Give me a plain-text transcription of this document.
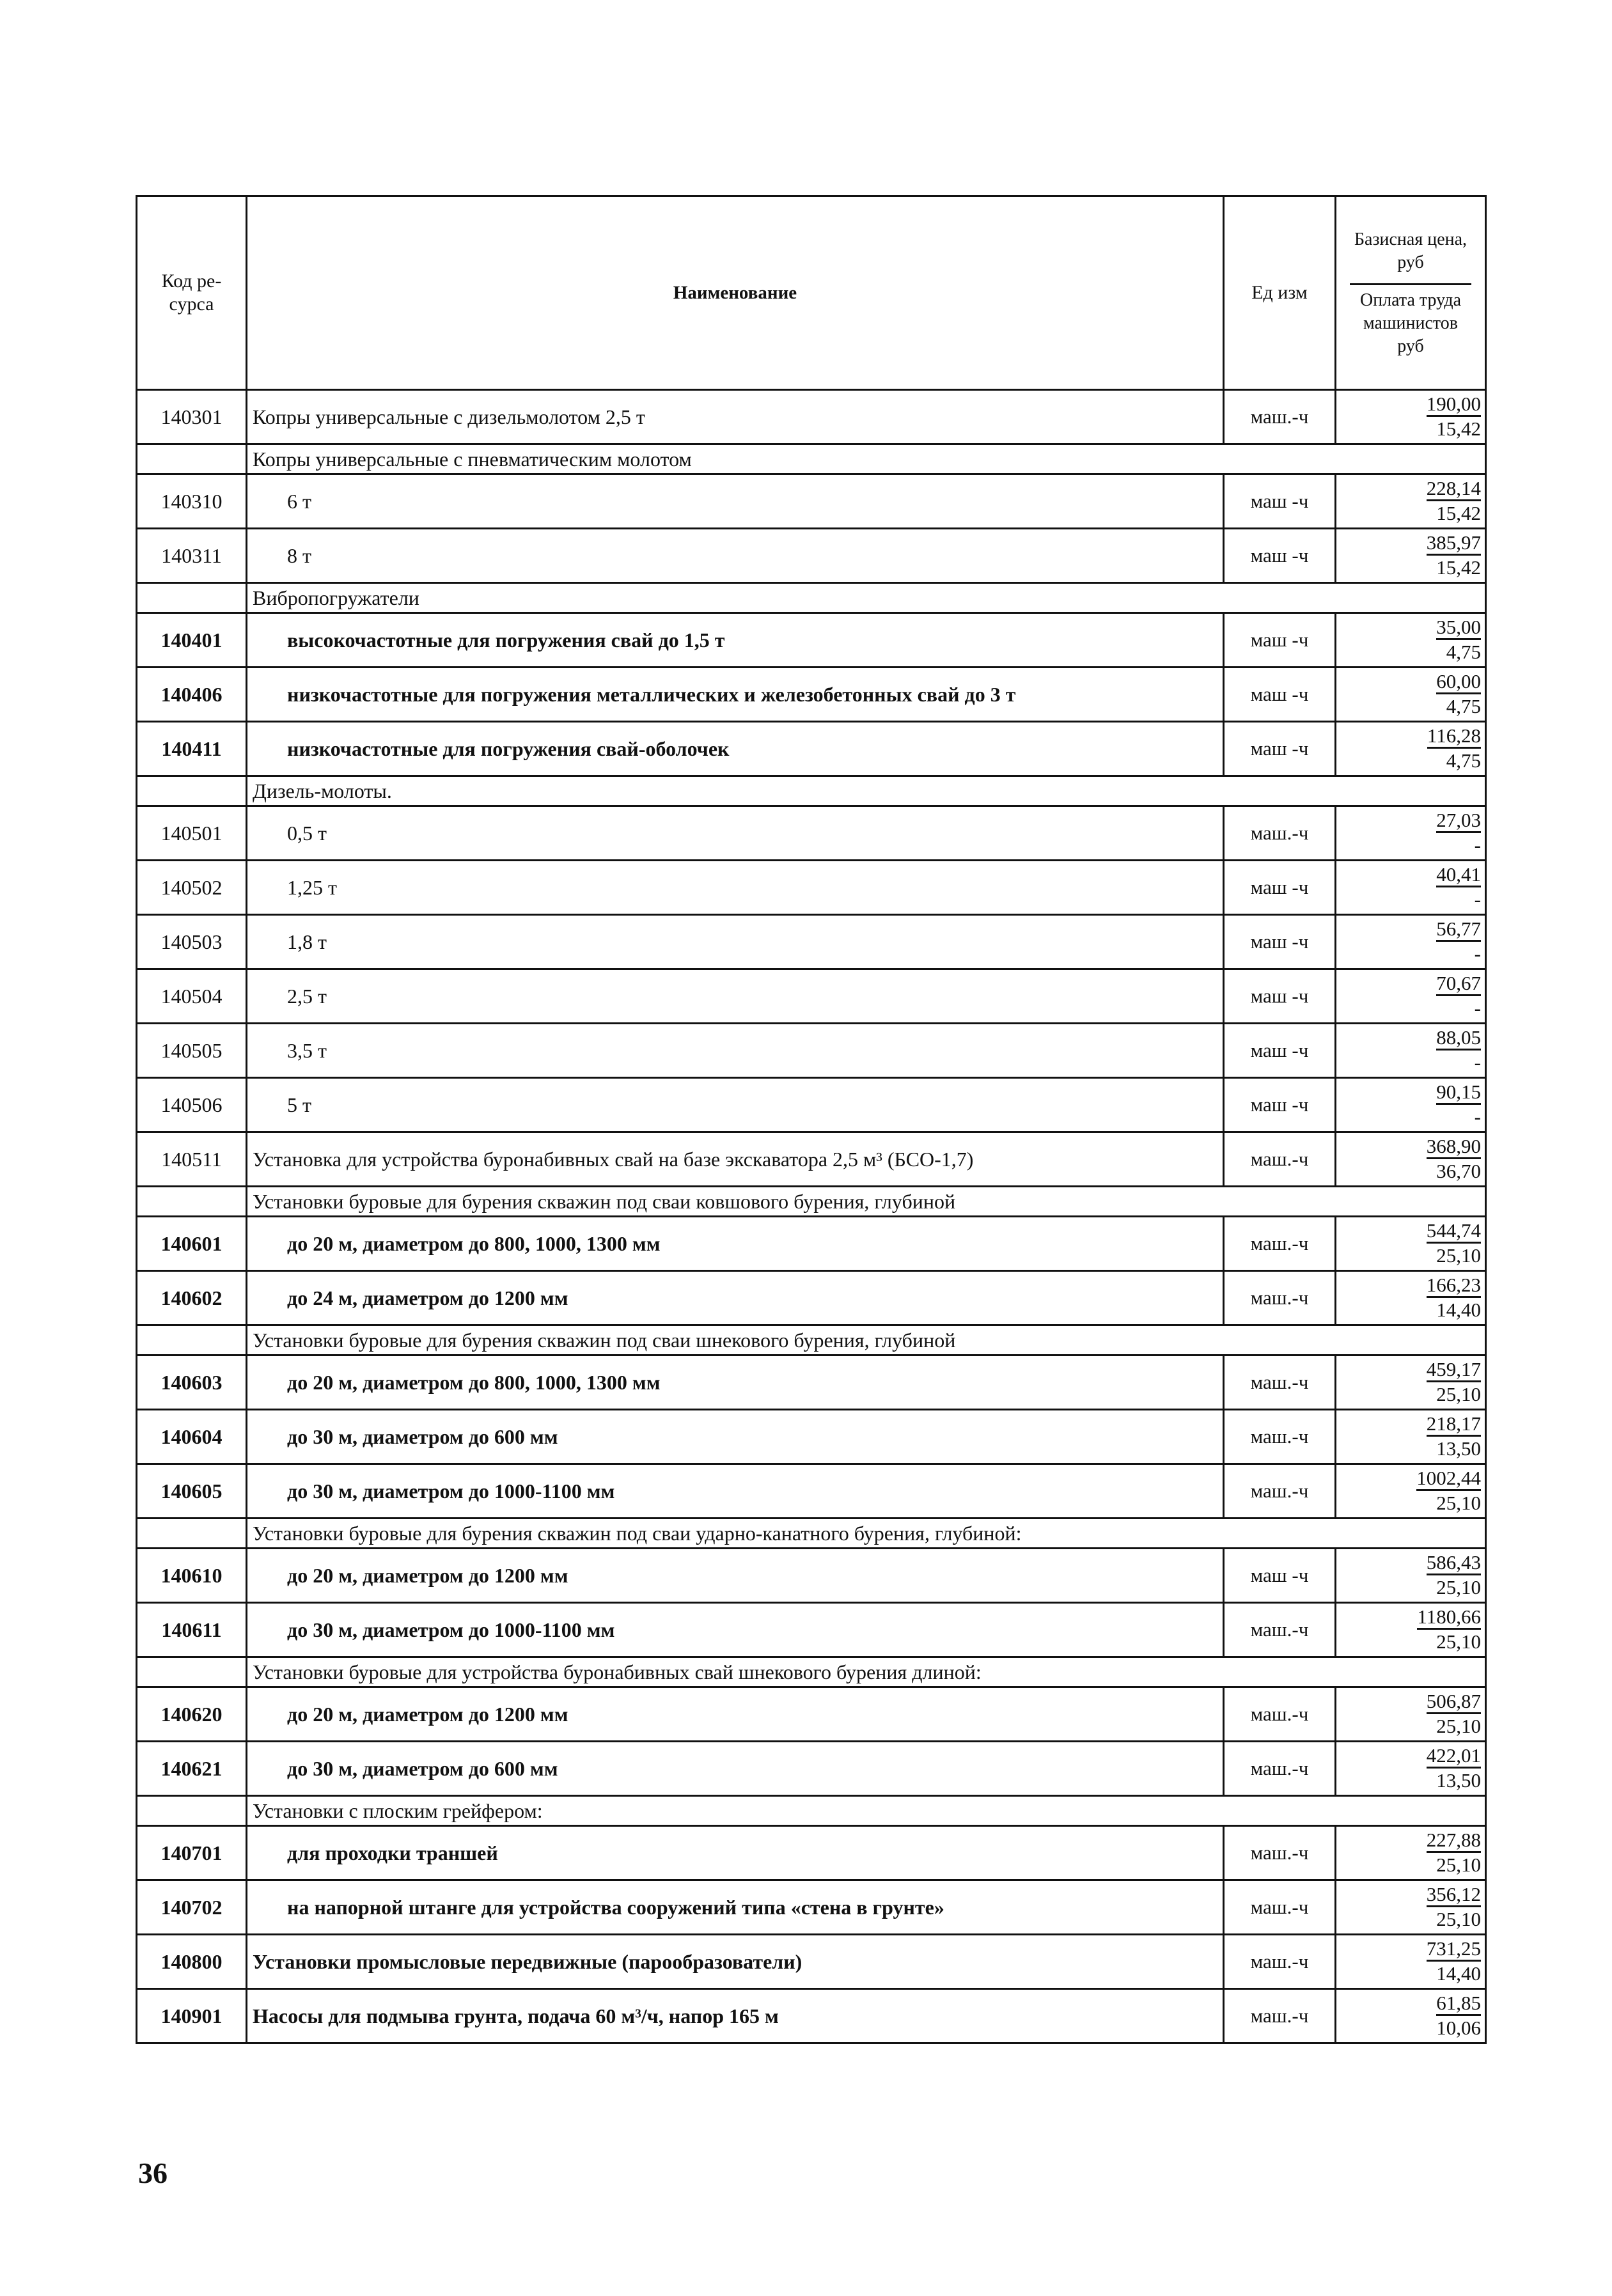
Код ре-
сурса	Наименование	Ед изм	Базисная цена,
руб
Оплата труда
машинистов
руб

140301	Копры универсальные с дизельмолотом 2,5 т	маш.-ч	190,00
15,42

	Копры универсальные с пневматическим молотом		
140310	6 т	маш -ч	228,14
15,42

140311	8 т	маш -ч	385,97
15,42

	Вибропогружатели		
140401	высокочастотные для погружения свай до 1,5 т	маш -ч	35,00
4,75

140406	низкочастотные для погружения металлических и железобетонных свай до 3 т	маш -ч	60,00
4,75

140411	низкочастотные для погружения свай-оболочек	маш -ч	116,28
4,75

	Дизель-молоты.		
140501	0,5 т	маш.-ч	27,03
-

140502	1,25 т	маш -ч	40,41
-

140503	1,8 т	маш -ч	56,77
-

140504	2,5 т	маш -ч	70,67
-

140505	3,5 т	маш -ч	88,05
-

140506	5 т	маш -ч	90,15
-

140511	Установка для устройства буронабивных свай на базе экскаватора 2,5 м³ (БСО-1,7)	маш.-ч	368,90
36,70

	Установки буровые для бурения скважин под сваи ковшового бурения, глубиной		
140601	до 20 м, диаметром до 800, 1000, 1300 мм	маш.-ч	544,74
25,10

140602	до 24 м, диаметром до 1200 мм	маш.-ч	166,23
14,40

	Установки буровые для бурения скважин под сваи шнекового бурения, глубиной		
140603	до 20 м, диаметром до 800, 1000, 1300 мм	маш.-ч	459,17
25,10

140604	до 30 м, диаметром до 600 мм	маш.-ч	218,17
13,50

140605	до 30 м, диаметром до 1000-1100 мм	маш.-ч	1002,44
25,10

	Установки буровые для бурения скважин под сваи ударно-канатного бурения, глубиной:		
140610	до 20 м, диаметром до 1200 мм	маш -ч	586,43
25,10

140611	до 30 м, диаметром до 1000-1100 мм	маш.-ч	1180,66
25,10

	Установки буровые для устройства буронабивных свай шнекового бурения длиной:		
140620	до 20 м, диаметром до 1200 мм	маш.-ч	506,87
25,10

140621	до 30 м, диаметром до 600 мм	маш.-ч	422,01
13,50

	Установки с плоским грейфером:		
140701	для проходки траншей	маш.-ч	227,88
25,10

140702	на напорной штанге для устройства сооружений типа «стена в грунте»	маш.-ч	356,12
25,10

140800	Установки промысловые передвижные (парообразователи)	маш.-ч	731,25
14,40

140901	Насосы для подмыва грунта, подача 60 м³/ч, напор 165 м	маш.-ч	61,85
10,06
36
